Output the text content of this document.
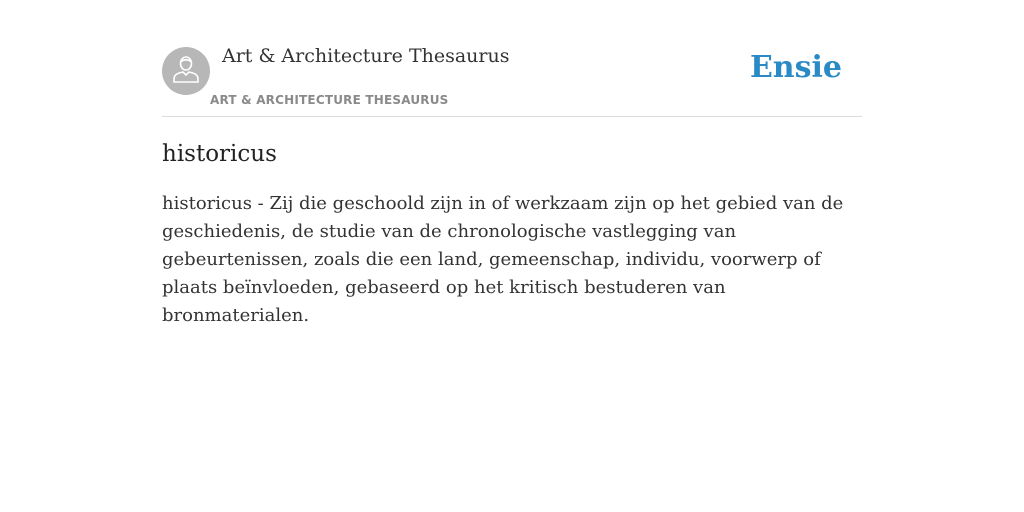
Art & Architecture Thesaurus
ART & ARCHITECTURE THESAURUS
Ensie
historicus

historicus - Zij die geschoold zijn in of werkzaam zijn op het gebied van de geschiedenis, de studie van de chronologische vastlegging van gebeurtenissen, zoals die een land, gemeenschap, individu, voorwerp of plaats beïnvloeden, gebaseerd op het kritisch bestuderen van bronmaterialen.
